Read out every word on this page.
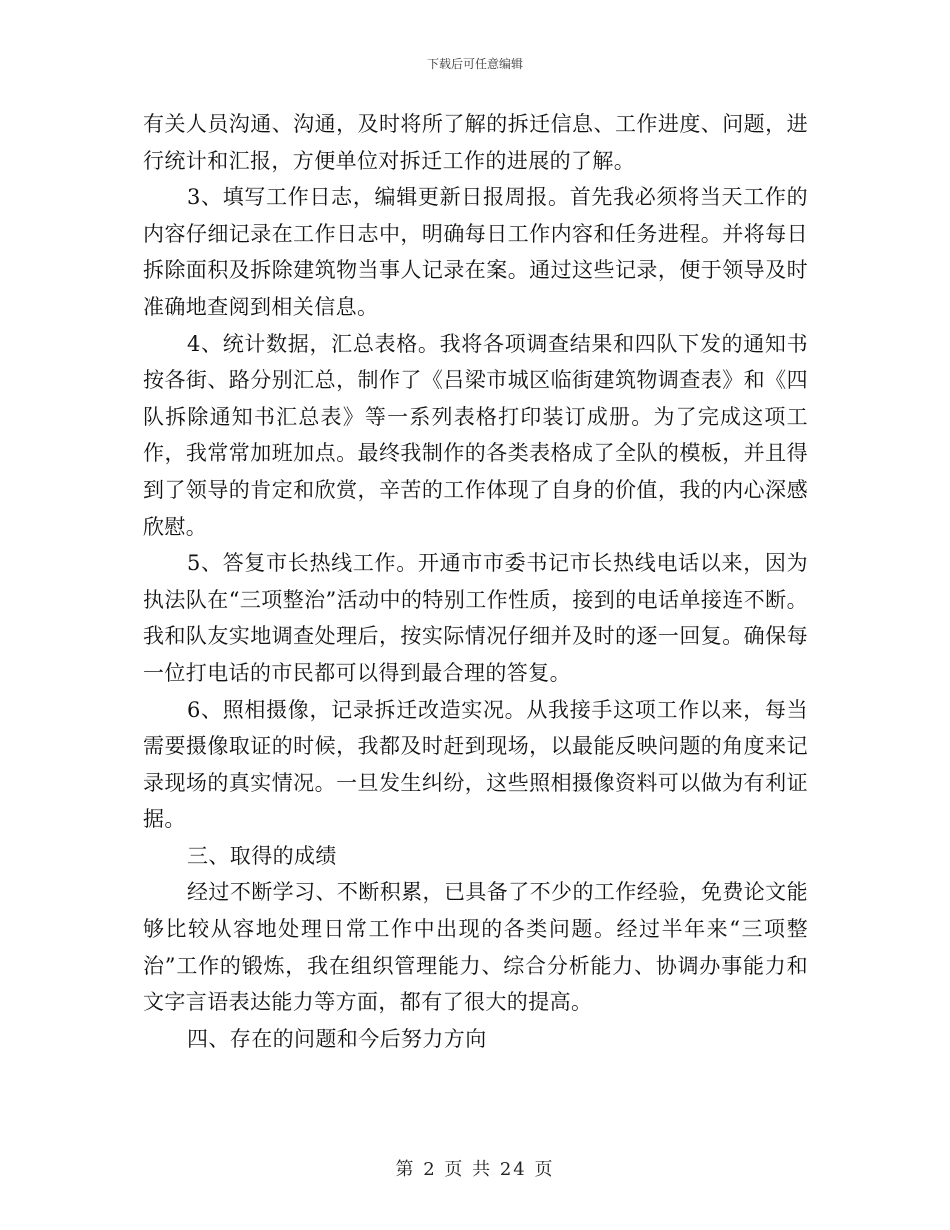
下载后可任意编辑

有关人员沟通、沟通，及时将所了解的拆迁信息、工作进度、问题，进行统计和汇报，方便单位对拆迁工作的进展的了解。

3、填写工作日志，编辑更新日报周报。首先我必须将当天工作的内容仔细记录在工作日志中，明确每日工作内容和任务进程。并将每日拆除面积及拆除建筑物当事人记录在案。通过这些记录，便于领导及时准确地查阅到相关信息。

4、统计数据，汇总表格。我将各项调查结果和四队下发的通知书按各街、路分别汇总，制作了《吕梁市城区临街建筑物调查表》和《四队拆除通知书汇总表》等一系列表格打印装订成册。为了完成这项工作，我常常加班加点。最终我制作的各类表格成了全队的模板，并且得到了领导的肯定和欣赏，辛苦的工作体现了自身的价值，我的内心深感欣慰。

5、答复市长热线工作。开通市市委书记市长热线电话以来，因为执法队在“三项整治”活动中的特别工作性质，接到的电话单接连不断。我和队友实地调查处理后，按实际情况仔细并及时的逐一回复。确保每一位打电话的市民都可以得到最合理的答复。

6、照相摄像，记录拆迁改造实况。从我接手这项工作以来，每当需要摄像取证的时候，我都及时赶到现场，以最能反映问题的角度来记录现场的真实情况。一旦发生纠纷，这些照相摄像资料可以做为有利证据。

三、取得的成绩

经过不断学习、不断积累，已具备了不少的工作经验，免费论文能够比较从容地处理日常工作中出现的各类问题。经过半年来“三项整治”工作的锻炼，我在组织管理能力、综合分析能力、协调办事能力和文字言语表达能力等方面，都有了很大的提高。

四、存在的问题和今后努力方向

第 2 页 共 24 页
